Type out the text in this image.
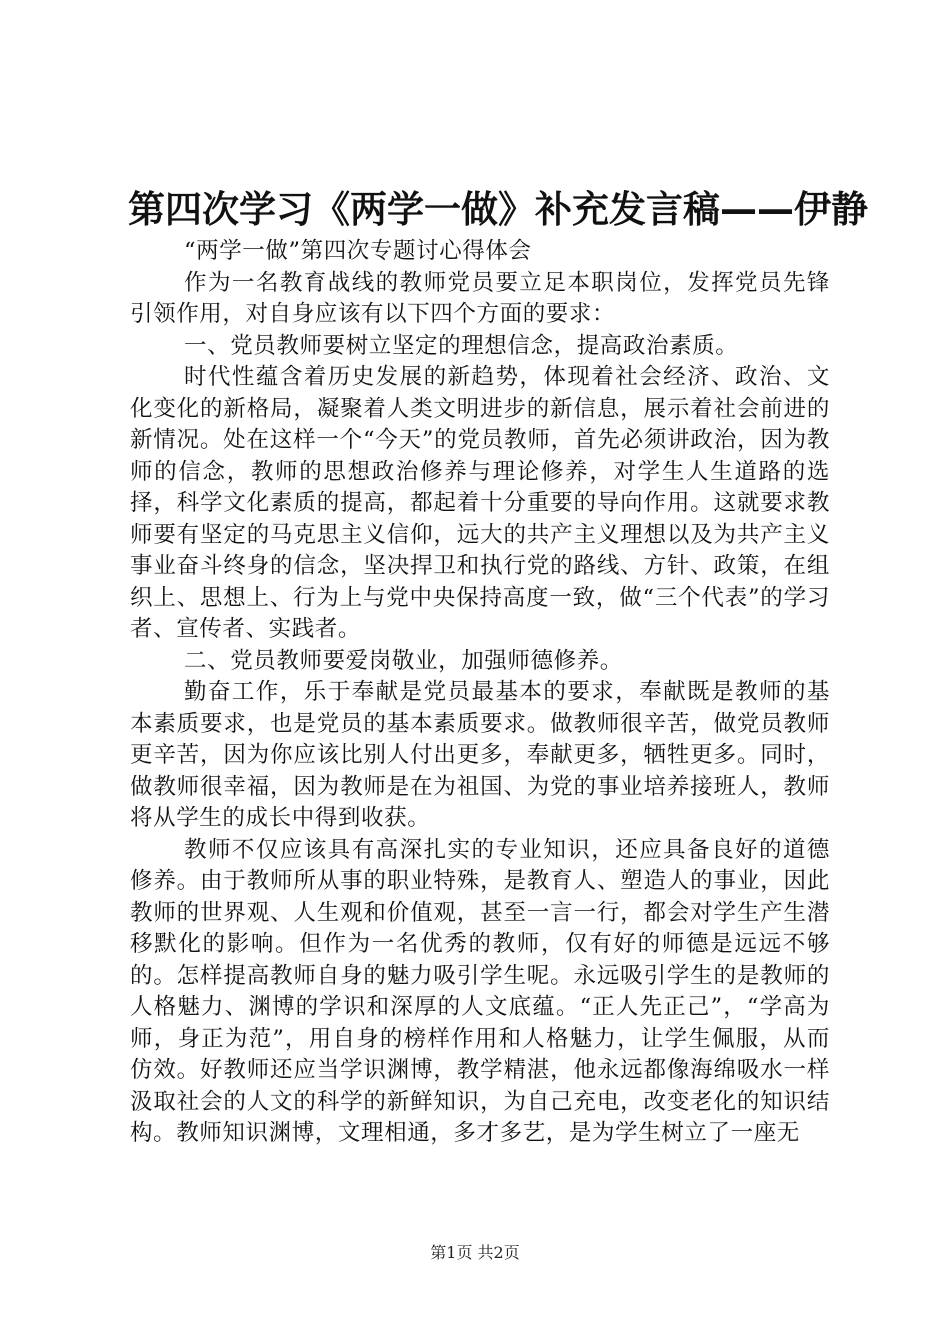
第四次学习《两学一做》补充发言稿——伊静

“两学一做”第四次专题讨心得体会

作为一名教育战线的教师党员要立足本职岗位，发挥党员先锋引领作用，对自身应该有以下四个方面的要求：

一、党员教师要树立坚定的理想信念，提高政治素质。

时代性蕴含着历史发展的新趋势，体现着社会经济、政治、文化变化的新格局，凝聚着人类文明进步的新信息，展示着社会前进的新情况。处在这样一个“今天”的党员教师，首先必须讲政治，因为教师的信念，教师的思想政治修养与理论修养，对学生人生道路的选择，科学文化素质的提高，都起着十分重要的导向作用。这就要求教师要有坚定的马克思主义信仰，远大的共产主义理想以及为共产主义事业奋斗终身的信念，坚决捍卫和执行党的路线、方针、政策，在组织上、思想上、行为上与党中央保持高度一致，做“三个代表”的学习者、宣传者、实践者。

二、党员教师要爱岗敬业，加强师德修养。

勤奋工作，乐于奉献是党员最基本的要求，奉献既是教师的基本素质要求，也是党员的基本素质要求。做教师很辛苦，做党员教师更辛苦，因为你应该比别人付出更多，奉献更多，牺牲更多。同时，做教师很幸福，因为教师是在为祖国、为党的事业培养接班人，教师将从学生的成长中得到收获。

教师不仅应该具有高深扎实的专业知识，还应具备良好的道德修养。由于教师所从事的职业特殊，是教育人、塑造人的事业，因此教师的世界观、人生观和价值观，甚至一言一行，都会对学生产生潜移默化的影响。但作为一名优秀的教师，仅有好的师德是远远不够的。怎样提高教师自身的魅力吸引学生呢。永远吸引学生的是教师的人格魅力、渊博的学识和深厚的人文底蕴。“正人先正己”，“学高为师，身正为范”，用自身的榜样作用和人格魅力，让学生佩服，从而仿效。好教师还应当学识渊博，教学精湛，他永远都像海绵吸水一样汲取社会的人文的科学的新鲜知识，为自己充电，改变老化的知识结构。教师知识渊博，文理相通，多才多艺，是为学生树立了一座无

第1页 共2页
